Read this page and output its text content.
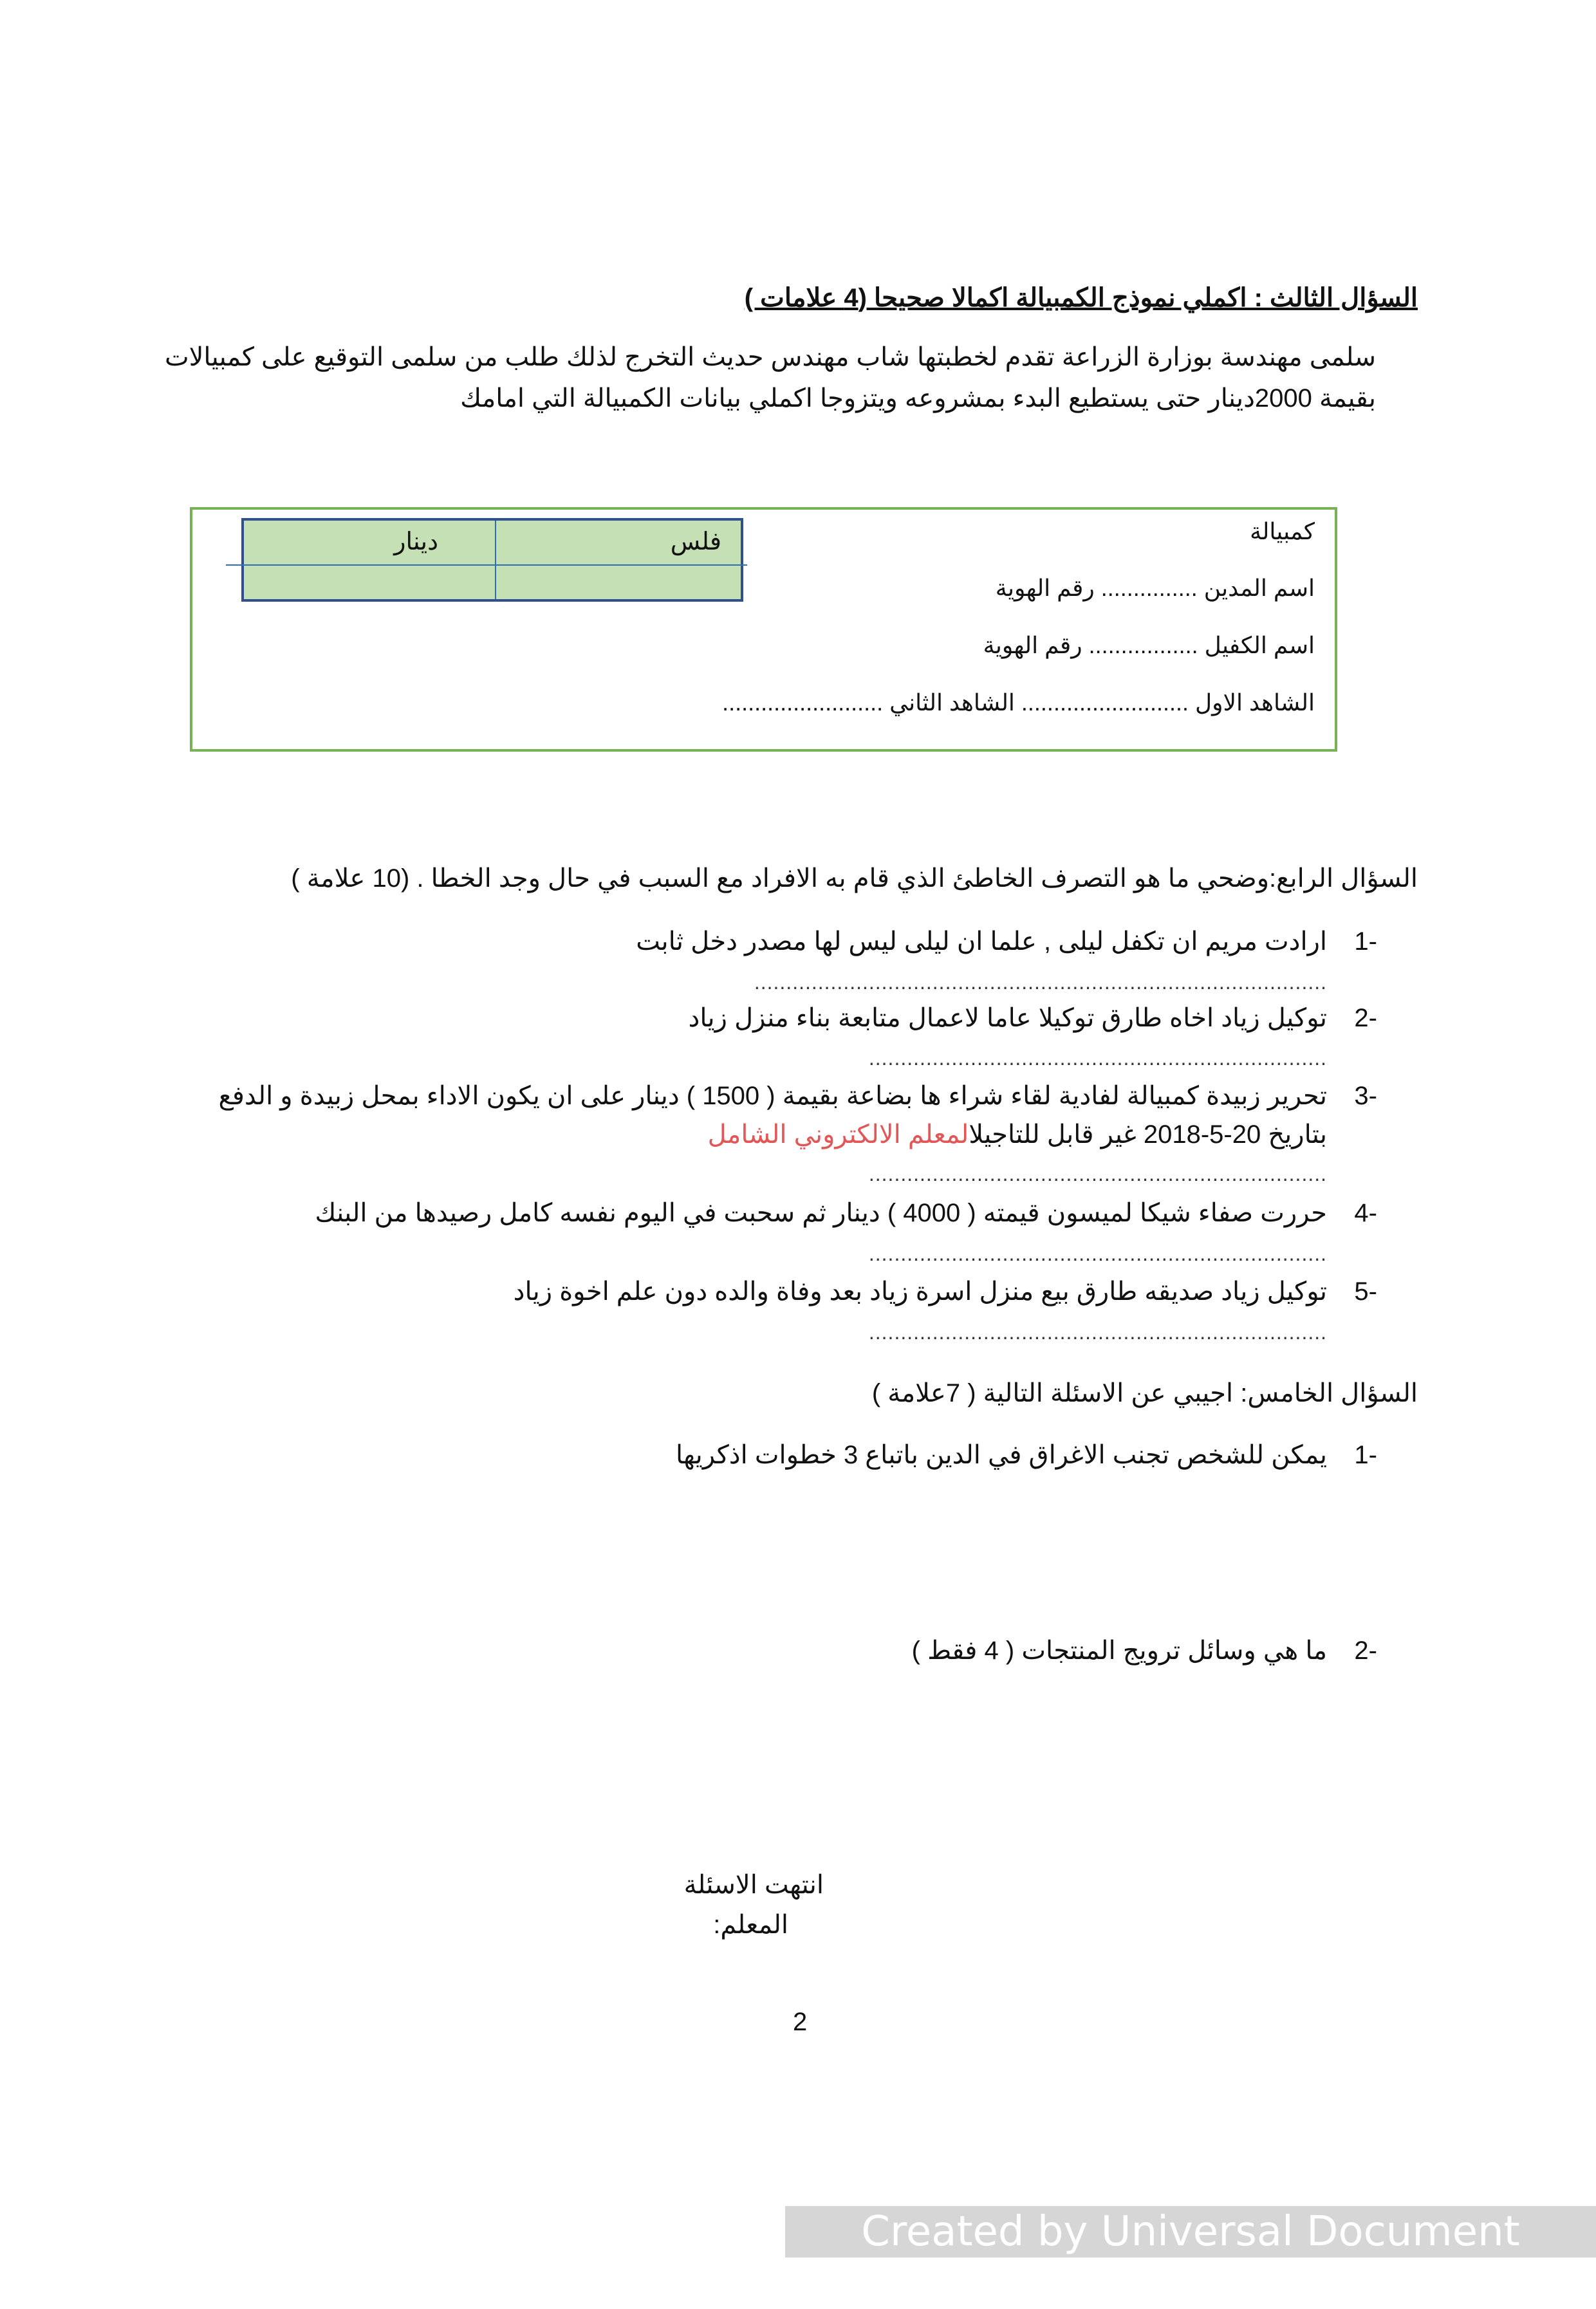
السؤال الثالث : اكملي نموذج الكمبيالة اكمالا صحيحا (4 علامات )
سلمى مهندسة بوزارة الزراعة تقدم لخطبتها شاب مهندس حديث التخرج لذلك طلب من سلمى التوقيع على كمبيالات
بقيمة 2000دينار حتى يستطيع البدء بمشروعه ويتزوجا اكملي بيانات الكمبيالة التي امامك
فلس
دينار	كمبيالة
اسم المدين ............... رقم الهوية
اسم الكفيل ................. رقم الهوية
الشاهد الاول .......................... الشاهد الثاني .........................
السؤال الرابع:وضحي ما هو التصرف الخاطئ الذي قام به الافراد مع السبب في حال وجد الخطا . (10 علامة )
-1
ارادت مريم ان تكفل ليلى , علما ان ليلى ليس لها مصدر دخل ثابت
..........................................................................................
-2
توكيل زياد اخاه طارق توكيلا عاما لاعمال متابعة بناء منزل زياد
........................................................................
-3
تحرير زبيدة كمبيالة لفادية لقاء شراء ها بضاعة بقيمة ( 1500 ) دينار على ان يكون الاداء بمحل زبيدة و الدفع
بتاريخ 20-5-2018 غير قابل للتاجيلالمعلم الالكتروني الشامل
........................................................................
-4
حررت صفاء شيكا لميسون قيمته ( 4000 ) دينار ثم سحبت في اليوم نفسه كامل رصيدها من البنك
........................................................................
-5
توكيل زياد صديقه طارق بيع منزل اسرة زياد بعد وفاة والده دون علم اخوة زياد
........................................................................
السؤال الخامس: اجيبي عن الاسئلة التالية ( 7علامة )
-1
يمكن للشخص تجنب الاغراق في الدين باتباع 3 خطوات اذكريها
-2
ما هي وسائل ترويج المنتجات ( 4 فقط )
انتهت الاسئلة
المعلم:
2
Created by Universal Document Converter
